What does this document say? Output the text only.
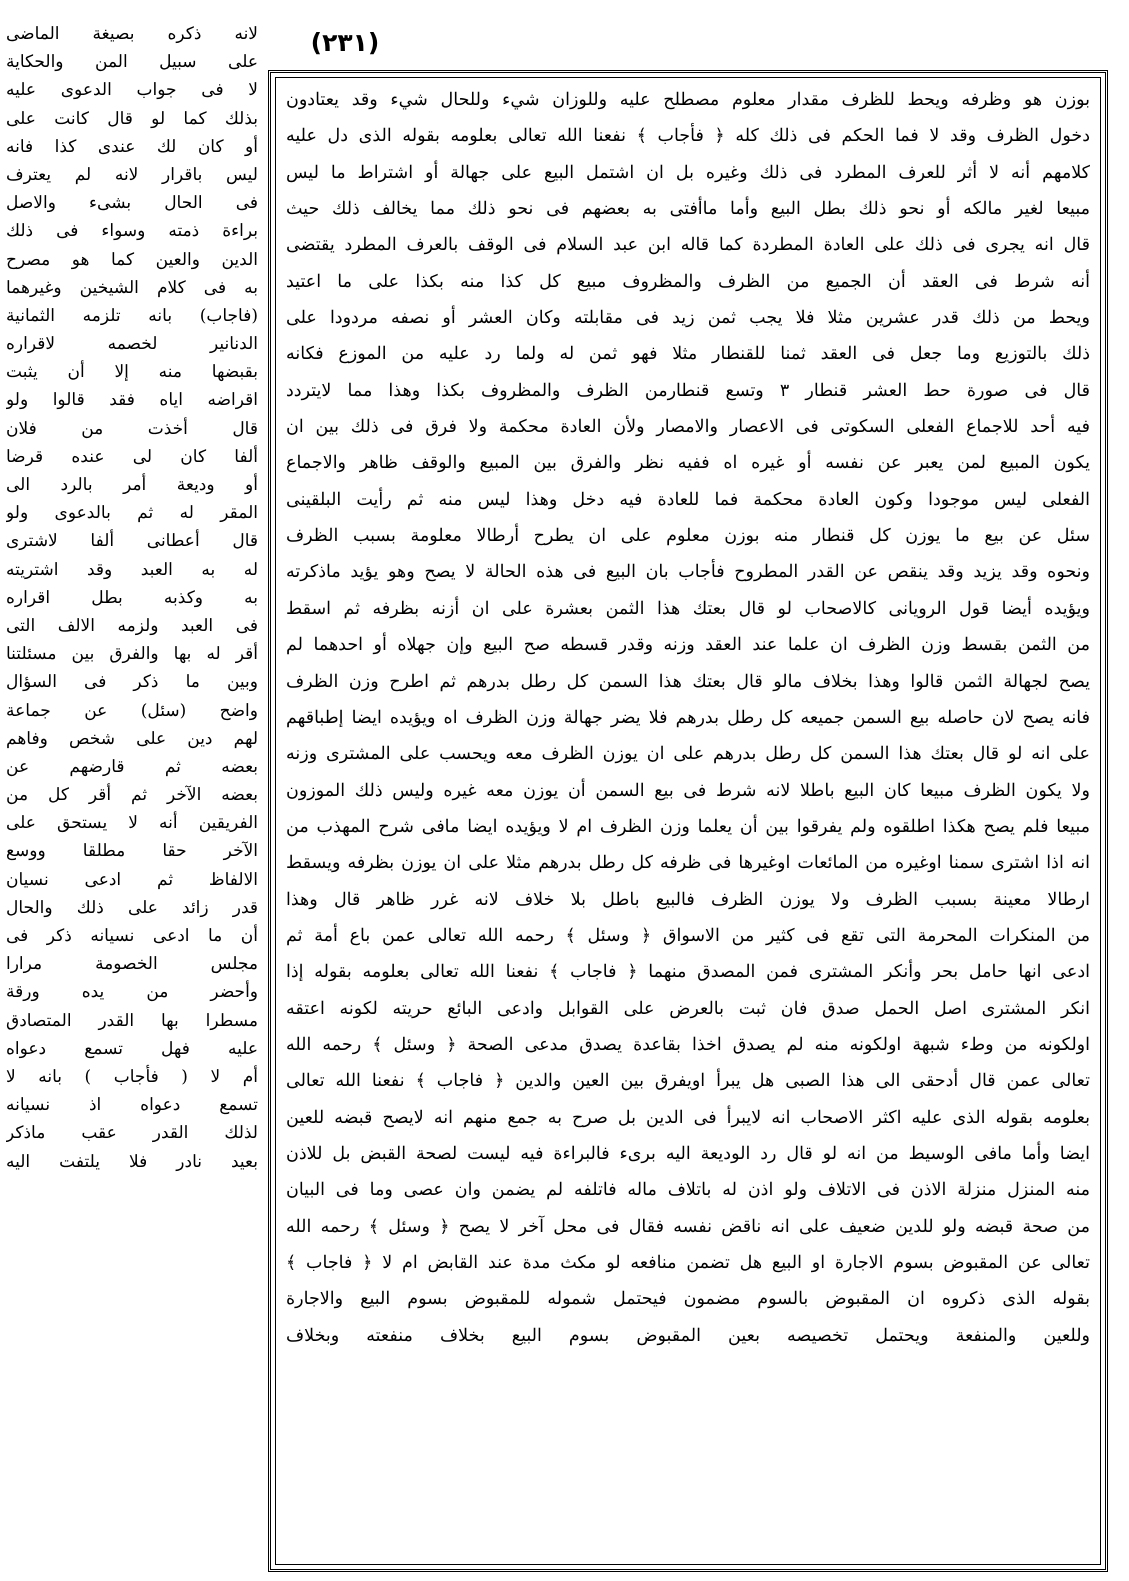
(٢٣١)
لانه ذكره بصيغة الماضى
على سبيل المن والحكاية
لا فى جواب الدعوى عليه
بذلك كما لو قال كانت على
أو كان لك عندى كذا فانه
ليس باقرار لانه لم يعترف
فى الحال بشىء والاصل
براءة ذمته وسواء فى ذلك
الدين والعين كما هو مصرح
به فى كلام الشيخين وغيرهما
(فاجاب) بانه تلزمه الثمانية
الدنانير لخصمه لاقراره
بقبضها منه إلا أن يثبت
اقراضه اياه فقد قالوا ولو
قال أخذت من فلان
ألفا كان لى عنده قرضا
أو وديعة أمر بالرد الى
المقر له ثم بالدعوى ولو
قال أعطانى ألفا لاشترى
له به العبد وقد اشتريته
به وكذبه بطل اقراره
فى العبد ولزمه الالف التى
أقر له بها والفرق بين مسئلتنا
وبين ما ذكر فى السؤال
واضح (سئل) عن جماعة
لهم دين على شخص وفاهم
بعضه ثم قارضهم عن
بعضه الآخر ثم أقر كل من
الفريقين أنه لا يستحق على
الآخر حقا مطلقا ووسع
الالفاظ ثم ادعى نسيان
قدر زائد على ذلك والحال
أن ما ادعى نسيانه ذكر فى
مجلس الخصومة مرارا
وأحضر من يده ورقة
مسطرا بها القدر المتصادق
عليه فهل تسمع دعواه
أم لا ( فأجاب ) بانه لا
تسمع دعواه اذ نسيانه
لذلك القدر عقب ماذكر
بعيد نادر فلا يلتفت اليه
بوزن هو وظرفه ويحط للظرف مقدار معلوم مصطلح عليه وللوزان شيء وللحال شيء وقد يعتادون
دخول الظرف وقد لا فما الحكم فى ذلك كله ﴿ فأجاب ﴾ نفعنا الله تعالى بعلومه بقوله الذى دل عليه
كلامهم أنه لا أثر للعرف المطرد فى ذلك وغيره بل ان اشتمل البيع على جهالة أو اشتراط ما ليس
مبيعا لغير مالكه أو نحو ذلك بطل البيع وأما ماأفتى به بعضهم فى نحو ذلك مما يخالف ذلك حيث
قال انه يجرى فى ذلك على العادة المطردة كما قاله ابن عبد السلام فى الوقف بالعرف المطرد يقتضى
أنه شرط فى العقد أن الجميع من الظرف والمظروف مبيع كل كذا منه بكذا على ما اعتيد
ويحط من ذلك قدر عشرين مثلا فلا يجب ثمن زيد فى مقابلته وكان العشر أو نصفه مردودا على
ذلك بالتوزيع وما جعل فى العقد ثمنا للقنطار مثلا فهو ثمن له ولما رد عليه من الموزع فكانه
قال فى صورة حط العشر قنطار ٣ وتسع قنطارمن الظرف والمظروف بكذا وهذا مما لايتردد
فيه أحد للاجماع الفعلى السكوتى فى الاعصار والامصار ولأن العادة محكمة ولا فرق فى ذلك بين ان
يكون المبيع لمن يعبر عن نفسه أو غيره اه ففيه نظر والفرق بين المبيع والوقف ظاهر والاجماع
الفعلى ليس موجودا وكون العادة محكمة فما للعادة فيه دخل وهذا ليس منه ثم رأيت البلقينى
سئل عن بيع ما يوزن كل قنطار منه بوزن معلوم على ان يطرح أرطالا معلومة بسبب الظرف
ونحوه وقد يزيد وقد ينقص عن القدر المطروح فأجاب بان البيع فى هذه الحالة لا يصح وهو يؤيد ماذكرته
ويؤيده أيضا قول الرويانى كالاصحاب لو قال بعتك هذا الثمن بعشرة على ان أزنه بظرفه ثم اسقط
من الثمن بقسط وزن الظرف ان علما عند العقد وزنه وقدر قسطه صح البيع وإن جهلاه أو احدهما لم
يصح لجهالة الثمن قالوا وهذا بخلاف مالو قال بعتك هذا السمن كل رطل بدرهم ثم اطرح وزن الظرف
فانه يصح لان حاصله بيع السمن جميعه كل رطل بدرهم فلا يضر جهالة وزن الظرف اه ويؤيده ايضا إطباقهم
على انه لو قال بعتك هذا السمن كل رطل بدرهم على ان يوزن الظرف معه ويحسب على المشترى وزنه
ولا يكون الظرف مبيعا كان البيع باطلا لانه شرط فى بيع السمن أن يوزن معه غيره وليس ذلك الموزون
مبيعا فلم يصح هكذا اطلقوه ولم يفرقوا بين أن يعلما وزن الظرف ام لا ويؤيده ايضا مافى شرح المهذب من
انه اذا اشترى سمنا اوغيره من المائعات اوغيرها فى ظرفه كل رطل بدرهم مثلا على ان يوزن بظرفه ويسقط
ارطالا معينة بسبب الظرف ولا يوزن الظرف فالبيع باطل بلا خلاف لانه غرر ظاهر قال وهذا
من المنكرات المحرمة التى تقع فى كثير من الاسواق ﴿ وسئل ﴾ رحمه الله تعالى عمن باع أمة ثم
ادعى انها حامل بحر وأنكر المشترى فمن المصدق منهما ﴿ فاجاب ﴾ نفعنا الله تعالى بعلومه بقوله إذا
انكر المشترى اصل الحمل صدق فان ثبت بالعرض على القوابل وادعى البائع حريته لكونه اعتقه
اولكونه من وطء شبهة اولكونه منه لم يصدق اخذا بقاعدة يصدق مدعى الصحة ﴿ وسئل ﴾ رحمه الله
تعالى عمن قال أدحقى الى هذا الصبى هل يبرأ اويفرق بين العين والدين ﴿ فاجاب ﴾ نفعنا الله تعالى
بعلومه بقوله الذى عليه اكثر الاصحاب انه لايبرأ فى الدين بل صرح به جمع منهم انه لايصح قبضه للعين
ايضا وأما مافى الوسيط من انه لو قال رد الوديعة اليه برىء فالبراءة فيه ليست لصحة القبض بل للاذن
منه المنزل منزلة الاذن فى الاتلاف ولو اذن له باتلاف ماله فاتلفه لم يضمن وان عصى وما فى البيان
من صحة قبضه ولو للدين ضعيف على انه ناقض نفسه فقال فى محل آخر لا يصح ﴿ وسئل ﴾ رحمه الله
تعالى عن المقبوض بسوم الاجارة او البيع هل تضمن منافعه لو مكث مدة عند القابض ام لا ﴿ فاجاب ﴾
بقوله الذى ذكروه ان المقبوض بالسوم مضمون فيحتمل شموله للمقبوض بسوم البيع والاجارة
وللعين والمنفعة ويحتمل تخصيصه بعين المقبوض بسوم البيع بخلاف منفعته وبخلاف
